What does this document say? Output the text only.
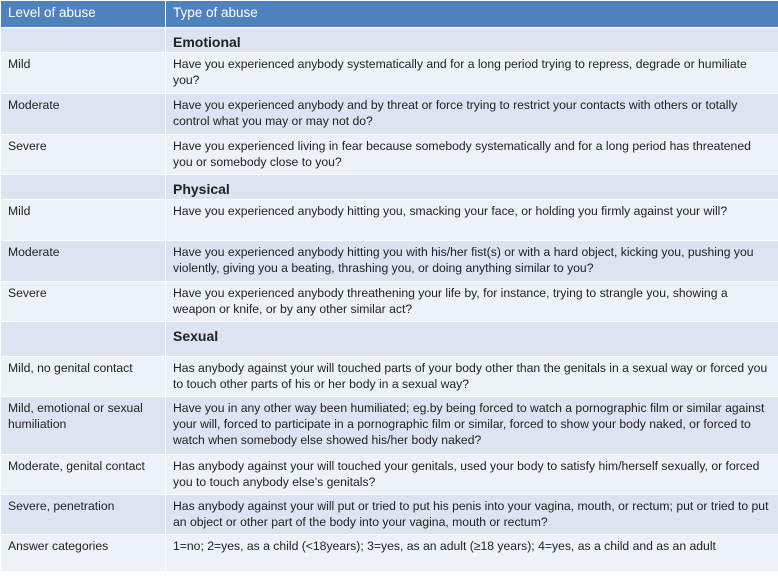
Level of abuse	Type of abuse
	Emotional
Mild	Have you experienced anybody systematically and for a long period trying to repress, degrade or humiliate you?
Moderate	Have you experienced anybody and by threat or force trying to restrict your contacts with others or totally control what you may or may not do?
Severe	Have you experienced living in fear because somebody systematically and for a long period has threatened you or somebody close to you?
	Physical
Mild	Have you experienced anybody hitting you, smacking your face, or holding you firmly against your will?
Moderate	Have you experienced anybody hitting you with his/her fist(s) or with a hard object, kicking you, pushing you violently, giving you a beating, thrashing you, or doing anything similar to you?
Severe	Have you experienced anybody threathening your life by, for instance, trying to strangle you, showing a weapon or knife, or by any other similar act?
	Sexual
Mild, no genital contact	Has anybody against your will touched parts of your body other than the genitals in a sexual way or forced you to touch other parts of his or her body in a sexual way?
Mild, emotional or sexual humiliation	Have you in any other way been humiliated; eg.by being forced to watch a pornographic film or similar against your will, forced to participate in a pornographic film or similar, forced to show your body naked, or forced to watch when somebody else showed his/her body naked?
Moderate, genital contact	Has anybody against your will touched your genitals, used your body to satisfy him/herself sexually, or forced you to touch anybody else’s genitals?
Severe, penetration	Has anybody against your will put or tried to put his penis into your vagina, mouth, or rectum; put or tried to put an object or other part of the body into your vagina, mouth or rectum?
Answer categories	1=no; 2=yes, as a child (<18years); 3=yes, as an adult (≥18 years); 4=yes, as a child and as an adult
